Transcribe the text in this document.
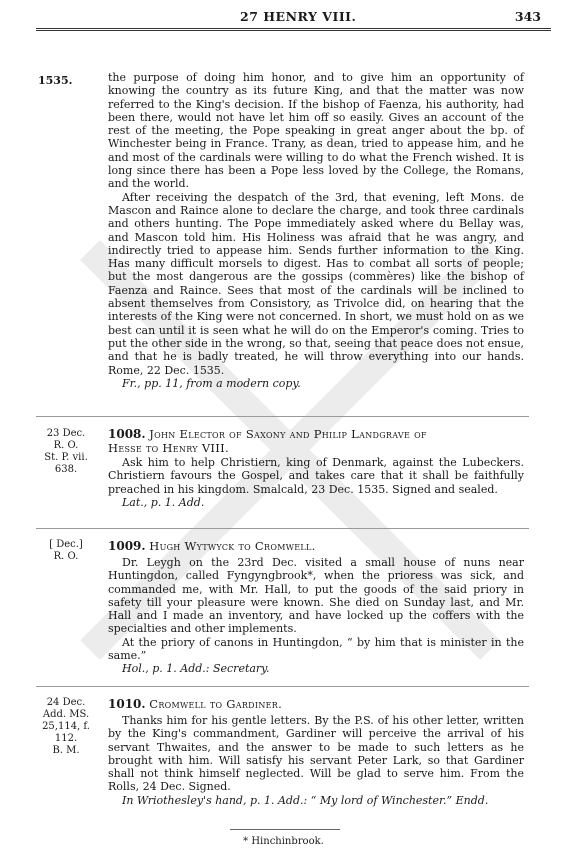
27 HENRY VIII.	343
1535.	the purpose of doing him honor, and to give him an opportunity of knowing the country as its future King, and that the matter was now referred to the King's decision. If the bishop of Faenza, his authority, had been there, would not have let him off so easily. Gives an account of the rest of the meeting, the Pope speaking in great anger about the bp. of Winchester being in France. Trany, as dean, tried to appease him, and he and most of the cardinals were willing to do what the French wished. It is long since there has been a Pope less loved by the College, the Romans, and the world.

After receiving the despatch of the 3rd, that evening, left Mons. de Mascon and Raince alone to declare the charge, and took three cardinals and others hunting. The Pope immediately asked where du Bellay was, and Mascon told him. His Holiness was afraid that he was angry, and indirectly tried to appease him. Sends further information to the King. Has many difficult morsels to digest. Has to combat all sorts of people; but the most dangerous are the gossips (commères) like the bishop of Faenza and Raince. Sees that most of the cardinals will be inclined to absent themselves from Consistory, as Trivolce did, on hearing that the interests of the King were not concerned. In short, we must hold on as we best can until it is seen what he will do on the Emperor's coming. Tries to put the other side in the wrong, so that, seeing that peace does not ensue, and that he is badly treated, he will throw everything into our hands. Rome, 22 Dec. 1535.

Fr., pp. 11, from a modern copy.

23 Dec.
R. O.
St. P. vii. 638.
1008. John Elector of Saxony and Philip Landgrave of
Hesse to Henry VIII.

Ask him to help Christiern, king of Denmark, against the Lubeckers. Christiern favours the Gospel, and takes care that it shall be faithfully preached in his kingdom. Smalcald, 23 Dec. 1535. Signed and sealed.

Lat., p. 1. Add.

[ Dec.]
R. O.
1009. Hugh Wytwyck to Cromwell.

Dr. Leygh on the 23rd Dec. visited a small house of nuns near Huntingdon, called Fyngyngbrook*, when the prioress was sick, and commanded me, with Mr. Hall, to put the goods of the said priory in safety till your pleasure were known. She died on Sunday last, and Mr. Hall and I made an inventory, and have locked up the coffers with the specialties and other implements.

At the priory of canons in Huntingdon, “ by him that is minister in the same.”

Hol., p. 1. Add.: Secretary.

24 Dec.
Add. MS.
25,114, f. 112.
B. M.
1010. Cromwell to Gardiner.

Thanks him for his gentle letters. By the P.S. of his other letter, written by the King's commandment, Gardiner will perceive the arrival of his servant Thwaites, and the answer to be made to such letters as he brought with him. Will satisfy his servant Peter Lark, so that Gardiner shall not think himself neglected. Will be glad to serve him. From the Rolls, 24 Dec. Signed.

In Wriothesley's hand, p. 1. Add.: “ My lord of Winchester.” Endd.

* Hinchinbrook.
